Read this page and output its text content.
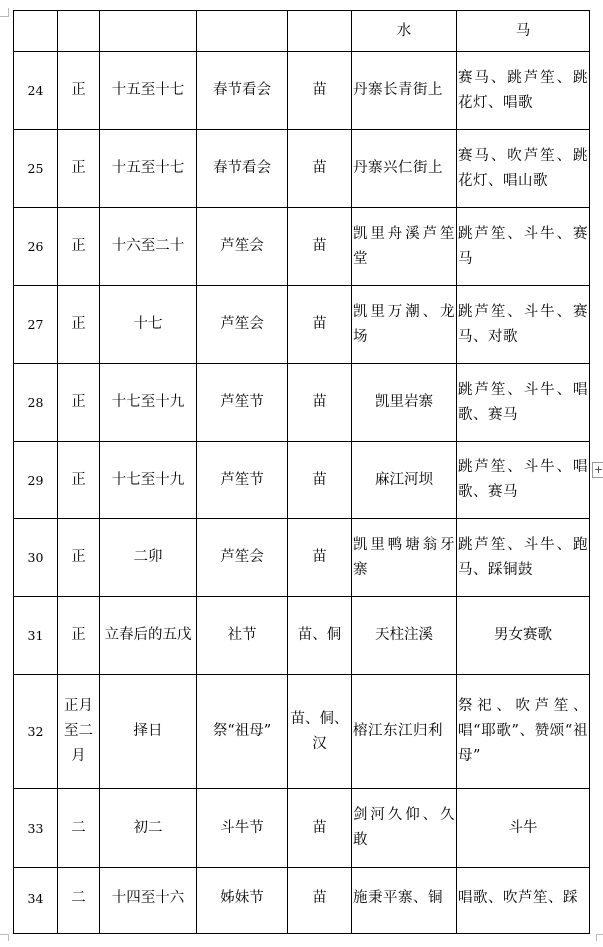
+
					水	马
24	正	十五至十七	春节看会	苗	丹寨长青街上	赛马、跳芦笙、跳花灯、唱歌
25	正	十五至十七	春节看会	苗	丹寨兴仁街上	赛马、吹芦笙、跳花灯、唱山歌
26	正	十六至二十	芦笙会	苗	凯里舟溪芦笙堂	跳芦笙、斗牛、赛马
27	正	十七	芦笙会	苗	凯里万潮、龙场	跳芦笙、斗牛、赛马、对歌
28	正	十七至十九	芦笙节	苗	凯里岩寨	跳芦笙、斗牛、唱歌、赛马
29	正	十七至十九	芦笙节	苗	麻江河坝	跳芦笙、斗牛、唱歌、赛马
30	正	二卯	芦笙会	苗	凯里鸭塘翁牙寨	跳芦笙、斗牛、跑马、踩铜鼓
31	正	立春后的五戊	社节	苗、侗	天柱注溪	男女赛歌
32	正月至二月	择日	祭“祖母”	苗、侗、汉	榕江东江归利	祭祀、吹芦笙、唱“耶歌”、赞颂“祖母”
33	二	初二	斗牛节	苗	剑河久仰、久敢	斗牛
34	二	十四至十六	姊妹节	苗	施秉平寨、铜	唱歌、吹芦笙、踩
